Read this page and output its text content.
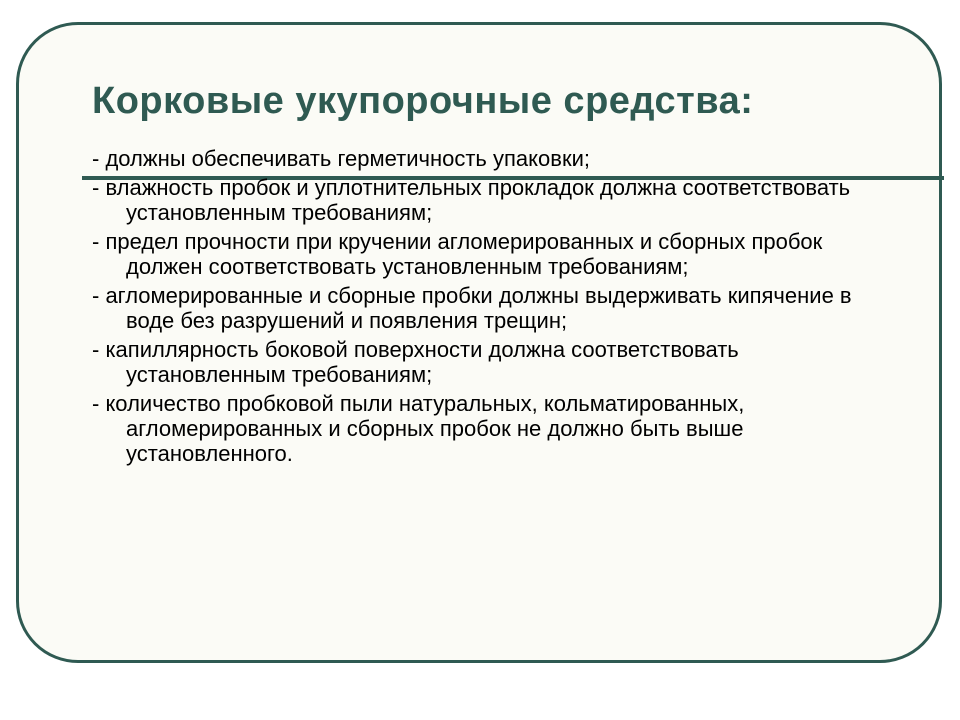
Корковые укупорочные средства:
- должны обеспечивать герметичность упаковки;
- влажность пробок и уплотнительных прокладок должна соответствовать установленным требованиям;
- предел прочности при кручении агломерированных и сборных пробок должен соответствовать установленным требованиям;
- агломерированные и сборные пробки должны выдерживать кипячение в воде без разрушений и появления трещин;
- капиллярность боковой поверхности должна соответствовать установленным требованиям;
- количество пробковой пыли натуральных, кольматированных, агломерированных и сборных пробок не должно быть выше установленного.
